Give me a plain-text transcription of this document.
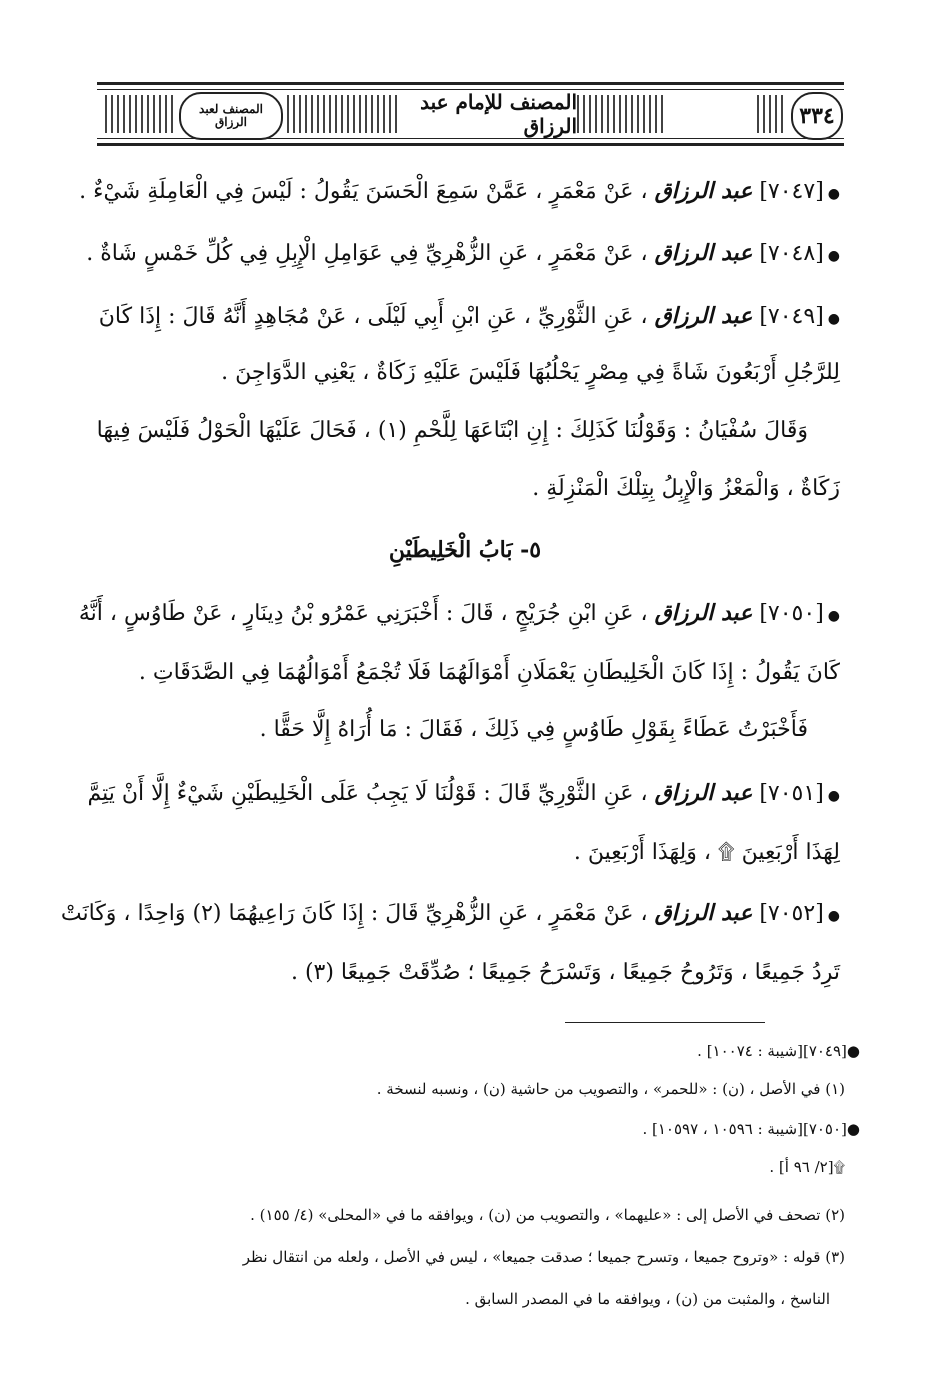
المصنف لعبد الرزاق
المصنف للإمام عبد الرزاق	٣٣٤
●[٧٠٤٧] عبد الرزاق ، عَنْ مَعْمَرٍ ، عَمَّنْ سَمِعَ الْحَسَنَ يَقُولُ : لَيْسَ فِي الْعَامِلَةِ شَيْءٌ .
●[٧٠٤٨] عبد الرزاق ، عَنْ مَعْمَرٍ ، عَنِ الزُّهْرِيِّ فِي عَوَامِلِ الْإِبِلِ فِي كُلِّ خَمْسٍ شَاةٌ .
●[٧٠٤٩] عبد الرزاق ، عَنِ الثَّوْرِيِّ ، عَنِ ابْنِ أَبِي لَيْلَى ، عَنْ مُجَاهِدٍ أَنَّهُ قَالَ : إِذَا كَانَ
لِلرَّجُلِ أَرْبَعُونَ شَاةً فِي مِصْرٍ يَحْلُبُهَا فَلَيْسَ عَلَيْهِ زَكَاةٌ ، يَعْنِي الدَّوَاجِنَ .
وَقَالَ سُفْيَانُ : وَقَوْلُنَا كَذَلِكَ : إِنِ ابْتَاعَهَا لِلَّحْمِ (١) ، فَحَالَ عَلَيْهَا الْحَوْلُ فَلَيْسَ فِيهَا
زَكَاةٌ ، وَالْمَعْزُ وَالْإِبِلُ بِتِلْكَ الْمَنْزِلَةِ .
٥- بَابُ الْخَلِيطَيْنِ
●[٧٠٥٠] عبد الرزاق ، عَنِ ابْنِ جُرَيْجٍ ، قَالَ : أَخْبَرَنِي عَمْرُو بْنُ دِينَارٍ ، عَنْ طَاوُسٍ ، أَنَّهُ
كَانَ يَقُولُ : إِذَا كَانَ الْخَلِيطَانِ يَعْمَلَانِ أَمْوَالَهُمَا فَلَا تُجْمَعُ أَمْوَالُهُمَا فِي الصَّدَقَاتِ .
فَأَخْبَرْتُ عَطَاءً بِقَوْلِ طَاوُسٍ فِي ذَلِكَ ، فَقَالَ : مَا أُرَاهُ إِلَّا حَقًّا .
●[٧٠٥١] عبد الرزاق ، عَنِ الثَّوْرِيِّ قَالَ : قَوْلُنَا لَا يَجِبُ عَلَى الْخَلِيطَيْنِ شَيْءٌ إِلَّا أَنْ يَتِمَّ
لِهَذَا أَرْبَعِينَ ۩ ، وَلِهَذَا أَرْبَعِينَ .
●[٧٠٥٢] عبد الرزاق ، عَنْ مَعْمَرٍ ، عَنِ الزُّهْرِيِّ قَالَ : إِذَا كَانَ رَاعِيهُمَا (٢) وَاحِدًا ، وَكَانَتْ
تَرِدُ جَمِيعًا ، وَتَرُوحُ جَمِيعًا ، وَتَسْرَحُ جَمِيعًا ؛ صُدِّقَتْ جَمِيعًا (٣) .
●[٧٠٤٩][شيبة : ١٠٠٧٤] .
(١) في الأصل ، (ن) : «للحمر» ، والتصويب من حاشية (ن) ، ونسبه لنسخة .
●[٧٠٥٠][شيبة : ١٠٥٩٦ ، ١٠٥٩٧] .
۩[٢/ ٩٦ أ] .
(٢) تصحف في الأصل إلى : «عليهما» ، والتصويب من (ن) ، ويوافقه ما في «المحلى» (٤/ ١٥٥) .
(٣) قوله : «وتروح جميعا ، وتسرح جميعا ؛ صدقت جميعا» ، ليس في الأصل ، ولعله من انتقال نظر
الناسخ ، والمثبت من (ن) ، ويوافقه ما في المصدر السابق .
